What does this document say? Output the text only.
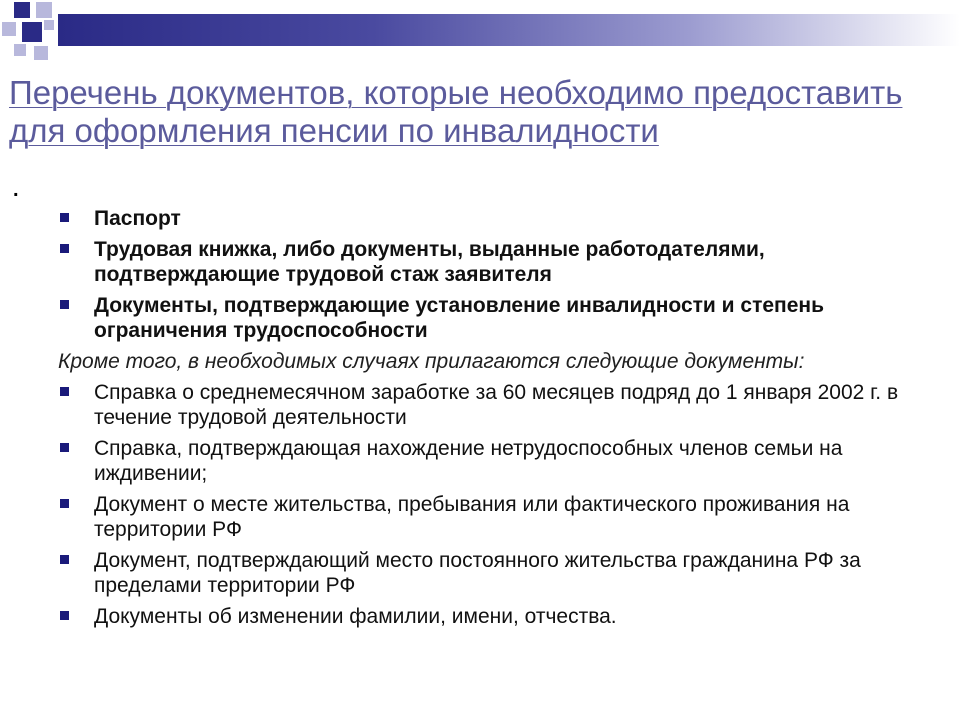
Перечень документов, которые необходимо предоставить для оформления пенсии по инвалидности
.
Паспорт
Трудовая книжка, либо документы, выданные работодателями, подтверждающие трудовой стаж заявителя
Документы, подтверждающие установление инвалидности и степень ограничения трудоспособности

Кроме того, в необходимых случаях прилагаются следующие документы:

Справка о среднемесячном заработке за 60 месяцев подряд до 1 января 2002 г. в течение трудовой деятельности
Справка, подтверждающая нахождение нетрудоспособных членов семьи на иждивении;
Документ о месте жительства, пребывания или фактического проживания на территории РФ
Документ, подтверждающий место постоянного жительства гражданина РФ за пределами территории РФ
Документы об изменении фамилии, имени, отчества.
